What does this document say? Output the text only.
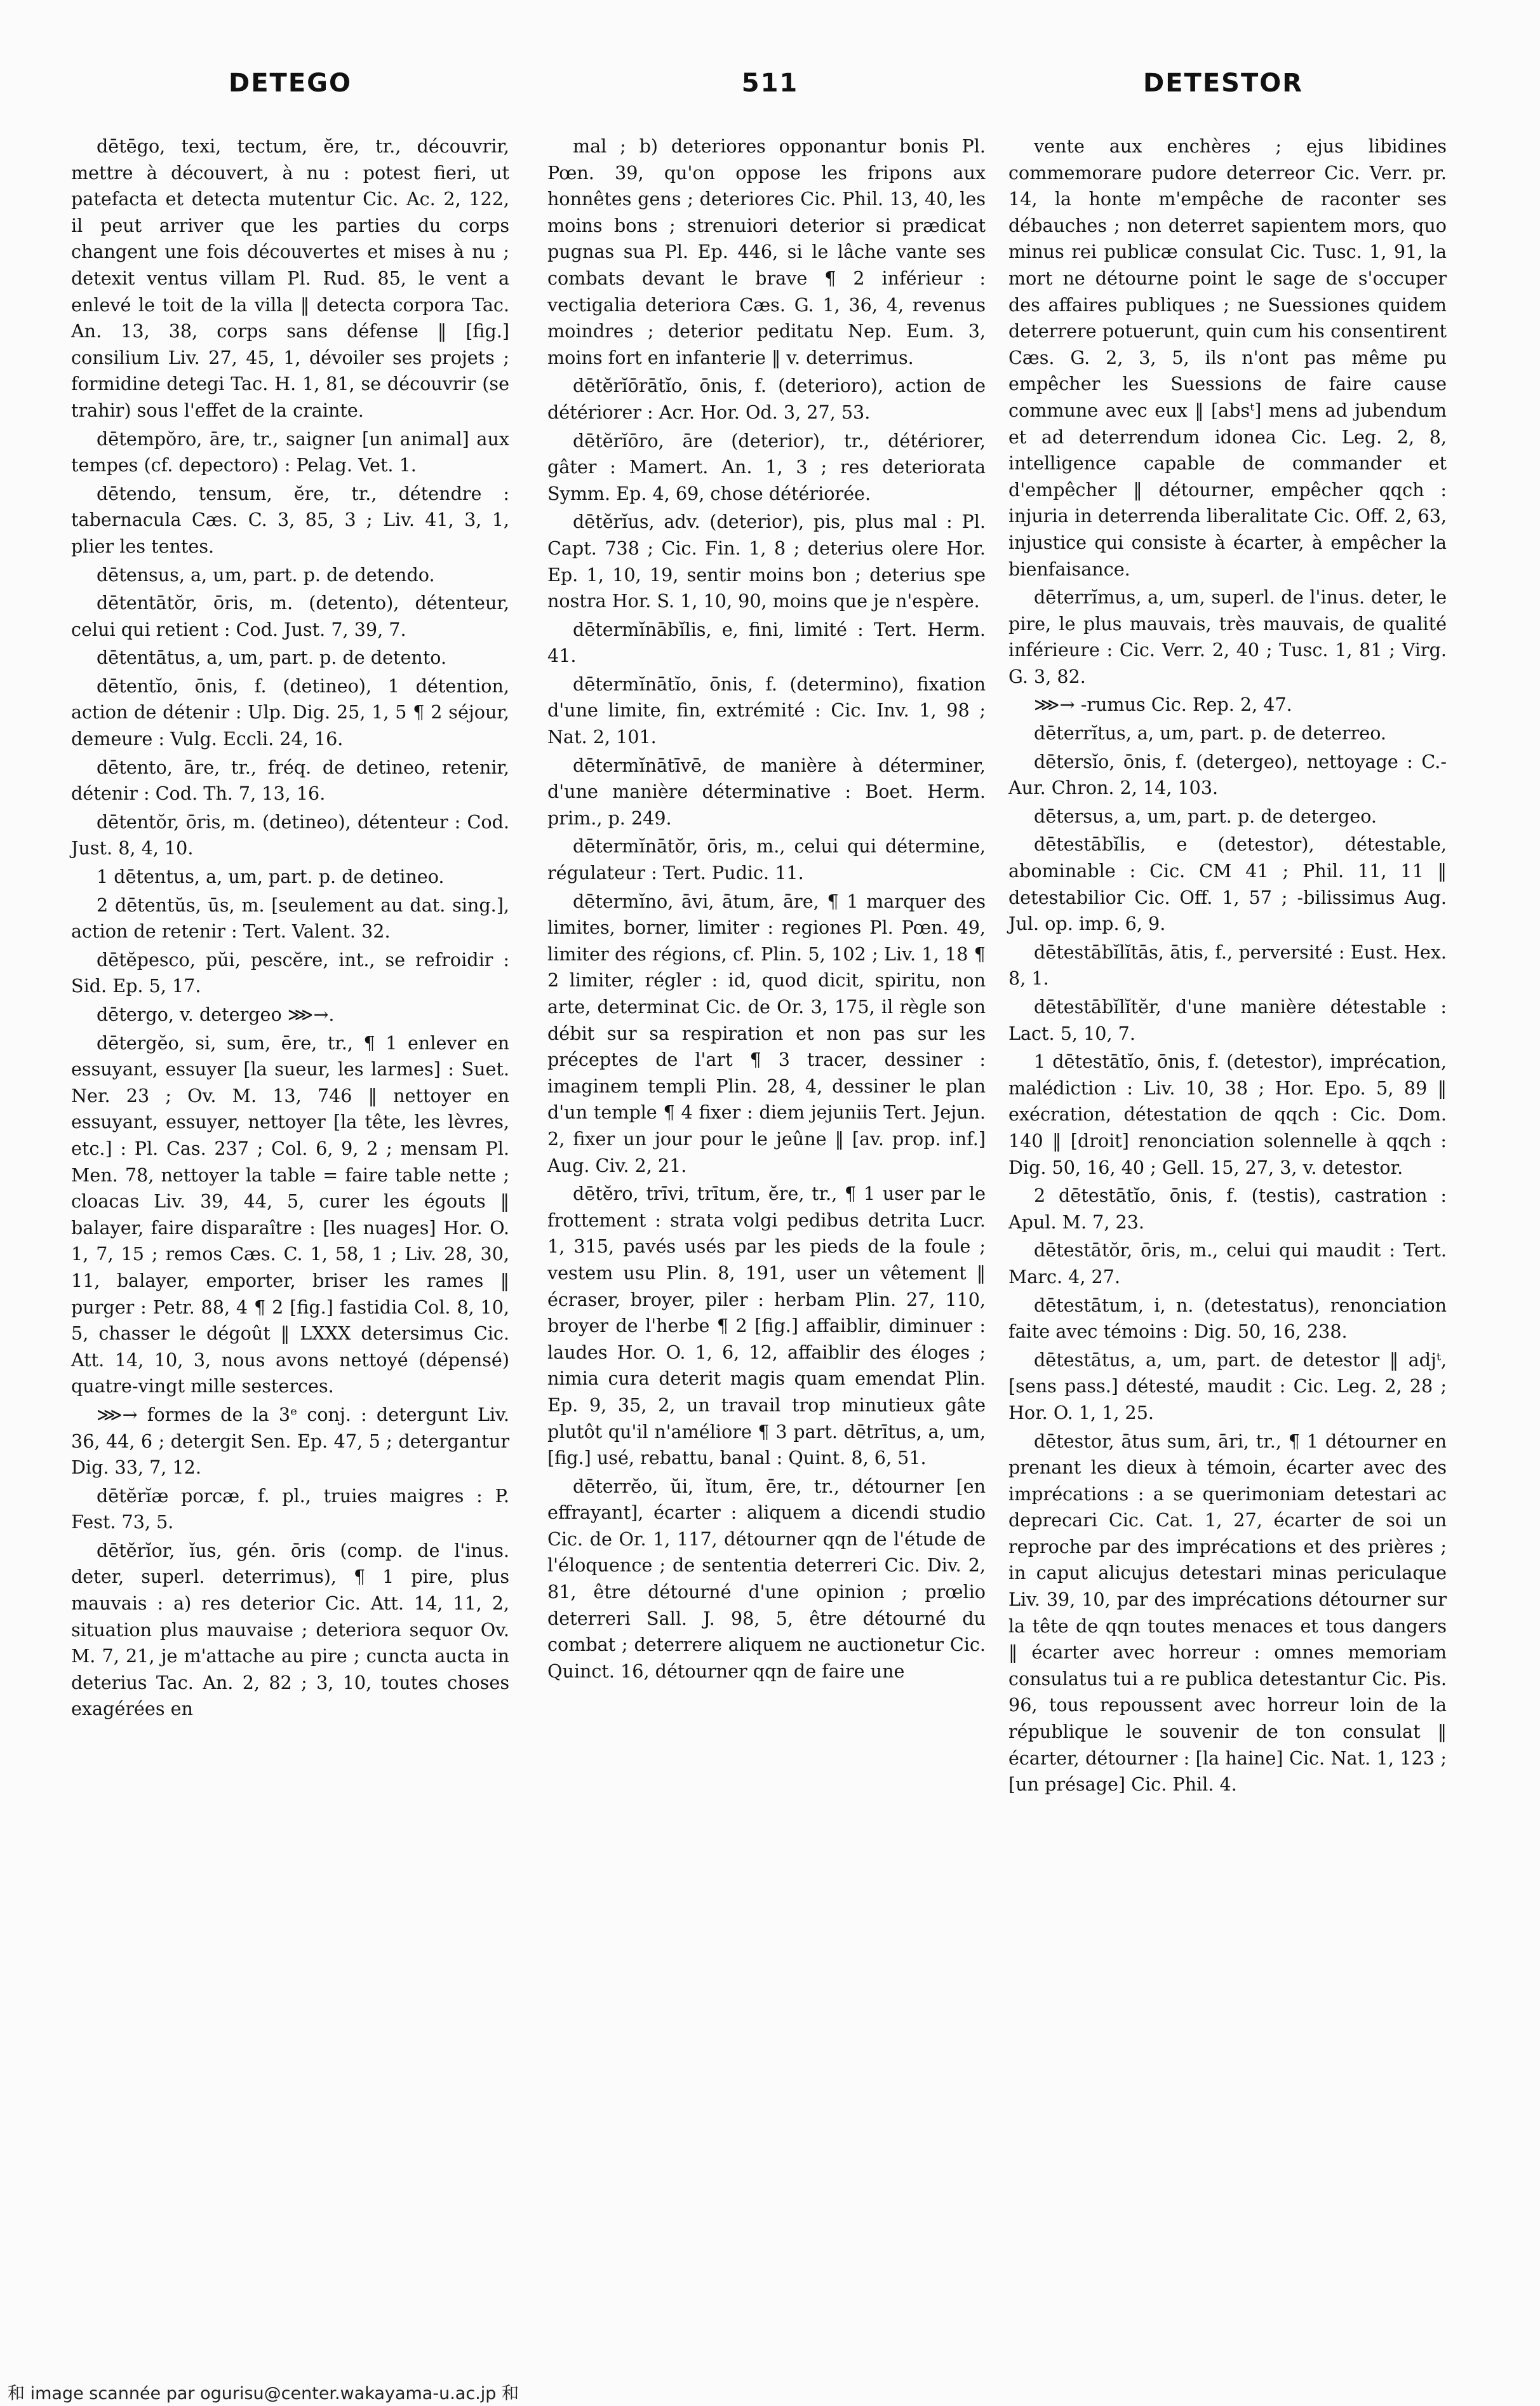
DETEGO	511	DETESTOR

dētēgo, texi, tectum, ĕre, tr., découvrir, mettre à découvert, à nu : potest fieri, ut patefacta et detecta mutentur Cic. Ac. 2, 122, il peut arriver que les parties du corps changent une fois découvertes et mises à nu ; detexit ventus villam Pl. Rud. 85, le vent a enlevé le toit de la villa ‖ detecta corpora Tac. An. 13, 38, corps sans défense ‖ [fig.] consilium Liv. 27, 45, 1, dévoiler ses projets ; formidine detegi Tac. H. 1, 81, se découvrir (se trahir) sous l'effet de la crainte.

dētempŏro, āre, tr., saigner [un animal] aux tempes (cf. depectoro) : Pelag. Vet. 1.

dētendo, tensum, ĕre, tr., détendre : tabernacula Cæs. C. 3, 85, 3 ; Liv. 41, 3, 1, plier les tentes.

dētensus, a, um, part. p. de detendo.

dētentātŏr, ōris, m. (detento), détenteur, celui qui retient : Cod. Just. 7, 39, 7.

dētentātus, a, um, part. p. de detento.

dētentĭo, ōnis, f. (detineo), 1 détention, action de détenir : Ulp. Dig. 25, 1, 5 ¶ 2 séjour, demeure : Vulg. Eccli. 24, 16.

dētento, āre, tr., fréq. de detineo, retenir, détenir : Cod. Th. 7, 13, 16.

dētentŏr, ōris, m. (detineo), détenteur : Cod. Just. 8, 4, 10.

1 dētentus, a, um, part. p. de detineo.

2 dētentŭs, ūs, m. [seulement au dat. sing.], action de retenir : Tert. Valent. 32.

dētĕpesco, pŭi, pescĕre, int., se refroidir : Sid. Ep. 5, 17.

dētergo, v. detergeo ⋙→.

dētergĕo, si, sum, ēre, tr., ¶ 1 enlever en essuyant, essuyer [la sueur, les larmes] : Suet. Ner. 23 ; Ov. M. 13, 746 ‖ nettoyer en essuyant, essuyer, nettoyer [la tête, les lèvres, etc.] : Pl. Cas. 237 ; Col. 6, 9, 2 ; mensam Pl. Men. 78, nettoyer la table = faire table nette ; cloacas Liv. 39, 44, 5, curer les égouts ‖ balayer, faire disparaître : [les nuages] Hor. O. 1, 7, 15 ; remos Cæs. C. 1, 58, 1 ; Liv. 28, 30, 11, balayer, emporter, briser les rames ‖ purger : Petr. 88, 4 ¶ 2 [fig.] fastidia Col. 8, 10, 5, chasser le dégoût ‖ LXXX detersimus Cic. Att. 14, 10, 3, nous avons nettoyé (dépensé) quatre-vingt mille sesterces.

⋙→ formes de la 3ᵉ conj. : detergunt Liv. 36, 44, 6 ; detergit Sen. Ep. 47, 5 ; detergantur Dig. 33, 7, 12.

dētĕrĭæ porcæ, f. pl., truies maigres : P. Fest. 73, 5.

dētĕrĭor, ĭus, gén. ōris (comp. de l'inus. deter, superl. deterrimus), ¶ 1 pire, plus mauvais : a) res deterior Cic. Att. 14, 11, 2, situation plus mauvaise ; deteriora sequor Ov. M. 7, 21, je m'attache au pire ; cuncta aucta in deterius Tac. An. 2, 82 ; 3, 10, toutes choses exagérées en

mal ; b) deteriores opponantur bonis Pl. Pœn. 39, qu'on oppose les fripons aux honnêtes gens ; deteriores Cic. Phil. 13, 40, les moins bons ; strenuiori deterior si prædicat pugnas sua Pl. Ep. 446, si le lâche vante ses combats devant le brave ¶ 2 inférieur : vectigalia deteriora Cæs. G. 1, 36, 4, revenus moindres ; deterior peditatu Nep. Eum. 3, moins fort en infanterie ‖ v. deterrimus.

dētĕrĭōrātĭo, ōnis, f. (deterioro), action de détériorer : Acr. Hor. Od. 3, 27, 53.

dētĕrĭōro, āre (deterior), tr., détériorer, gâter : Mamert. An. 1, 3 ; res deteriorata Symm. Ep. 4, 69, chose détériorée.

dētĕrĭus, adv. (deterior), pis, plus mal : Pl. Capt. 738 ; Cic. Fin. 1, 8 ; deterius olere Hor. Ep. 1, 10, 19, sentir moins bon ; deterius spe nostra Hor. S. 1, 10, 90, moins que je n'espère.

dētermĭnābĭlis, e, fini, limité : Tert. Herm. 41.

dētermĭnātĭo, ōnis, f. (determino), fixation d'une limite, fin, extrémité : Cic. Inv. 1, 98 ; Nat. 2, 101.

dētermĭnātīvē, de manière à déterminer, d'une manière déterminative : Boet. Herm. prim., p. 249.

dētermĭnātŏr, ōris, m., celui qui détermine, régulateur : Tert. Pudic. 11.

dētermĭno, āvi, ātum, āre, ¶ 1 marquer des limites, borner, limiter : regiones Pl. Pœn. 49, limiter des régions, cf. Plin. 5, 102 ; Liv. 1, 18 ¶ 2 limiter, régler : id, quod dicit, spiritu, non arte, determinat Cic. de Or. 3, 175, il règle son débit sur sa respiration et non pas sur les préceptes de l'art ¶ 3 tracer, dessiner : imaginem templi Plin. 28, 4, dessiner le plan d'un temple ¶ 4 fixer : diem jejuniis Tert. Jejun. 2, fixer un jour pour le jeûne ‖ [av. prop. inf.] Aug. Civ. 2, 21.

dētĕro, trīvi, trītum, ĕre, tr., ¶ 1 user par le frottement : strata volgi pedibus detrita Lucr. 1, 315, pavés usés par les pieds de la foule ; vestem usu Plin. 8, 191, user un vêtement ‖ écraser, broyer, piler : herbam Plin. 27, 110, broyer de l'herbe ¶ 2 [fig.] affaiblir, diminuer : laudes Hor. O. 1, 6, 12, affaiblir des éloges ; nimia cura deterit magis quam emendat Plin. Ep. 9, 35, 2, un travail trop minutieux gâte plutôt qu'il n'améliore ¶ 3 part. dētrītus, a, um, [fig.] usé, rebattu, banal : Quint. 8, 6, 51.

dēterrĕo, ŭi, ĭtum, ēre, tr., détourner [en effrayant], écarter : aliquem a dicendi studio Cic. de Or. 1, 117, détourner qqn de l'étude de l'éloquence ; de sententia deterreri Cic. Div. 2, 81, être détourné d'une opinion ; prœlio deterreri Sall. J. 98, 5, être détourné du combat ; deterrere aliquem ne auctionetur Cic. Quinct. 16, détourner qqn de faire une

vente aux enchères ; ejus libidines commemorare pudore deterreor Cic. Verr. pr. 14, la honte m'empêche de raconter ses débauches ; non deterret sapientem mors, quo minus rei publicæ consulat Cic. Tusc. 1, 91, la mort ne détourne point le sage de s'occuper des affaires publiques ; ne Suessiones quidem deterrere potuerunt, quin cum his consentirent Cæs. G. 2, 3, 5, ils n'ont pas même pu empêcher les Suessions de faire cause commune avec eux ‖ [absᵗ] mens ad jubendum et ad deterrendum idonea Cic. Leg. 2, 8, intelligence capable de commander et d'empêcher ‖ détourner, empêcher qqch : injuria in deterrenda liberalitate Cic. Off. 2, 63, injustice qui consiste à écarter, à empêcher la bienfaisance.

dēterrĭmus, a, um, superl. de l'inus. deter, le pire, le plus mauvais, très mauvais, de qualité inférieure : Cic. Verr. 2, 40 ; Tusc. 1, 81 ; Virg. G. 3, 82.

⋙→ -rumus Cic. Rep. 2, 47.

dēterrĭtus, a, um, part. p. de deterreo.

dētersĭo, ōnis, f. (detergeo), nettoyage : C.-Aur. Chron. 2, 14, 103.

dētersus, a, um, part. p. de detergeo.

dētestābĭlis, e (detestor), détestable, abominable : Cic. CM 41 ; Phil. 11, 11 ‖ detestabilior Cic. Off. 1, 57 ; -bilissimus Aug. Jul. op. imp. 6, 9.

dētestābĭlĭtās, ātis, f., perversité : Eust. Hex. 8, 1.

dētestābĭlĭtĕr, d'une manière détestable : Lact. 5, 10, 7.

1 dētestātĭo, ōnis, f. (detestor), imprécation, malédiction : Liv. 10, 38 ; Hor. Epo. 5, 89 ‖ exécration, détestation de qqch : Cic. Dom. 140 ‖ [droit] renonciation solennelle à qqch : Dig. 50, 16, 40 ; Gell. 15, 27, 3, v. detestor.

2 dētestātĭo, ōnis, f. (testis), castration : Apul. M. 7, 23.

dētestātŏr, ōris, m., celui qui maudit : Tert. Marc. 4, 27.

dētestātum, i, n. (detestatus), renonciation faite avec témoins : Dig. 50, 16, 238.

dētestātus, a, um, part. de detestor ‖ adjᵗ, [sens pass.] détesté, maudit : Cic. Leg. 2, 28 ; Hor. O. 1, 1, 25.

dētestor, ātus sum, āri, tr., ¶ 1 détourner en prenant les dieux à témoin, écarter avec des imprécations : a se querimoniam detestari ac deprecari Cic. Cat. 1, 27, écarter de soi un reproche par des imprécations et des prières ; in caput alicujus detestari minas periculaque Liv. 39, 10, par des imprécations détourner sur la tête de qqn toutes menaces et tous dangers ‖ écarter avec horreur : omnes memoriam consulatus tui a re publica detestantur Cic. Pis. 96, tous repoussent avec horreur loin de la république le souvenir de ton consulat ‖ écarter, détourner : [la haine] Cic. Nat. 1, 123 ; [un présage] Cic. Phil. 4.

和 image scannée par ogurisu@center.wakayama-u.ac.jp 和
